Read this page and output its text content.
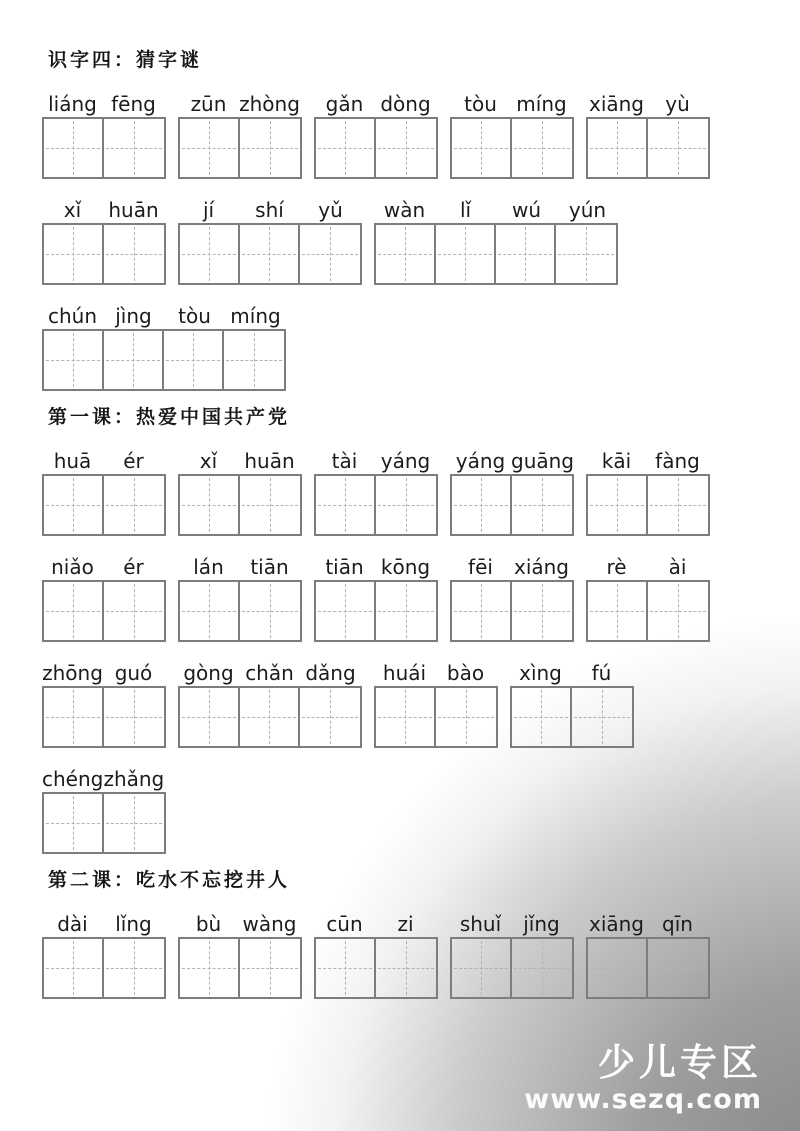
识字四：猜字谜
liáng fēng	zūn zhòng	gǎn dòng	tòu míng xiāng	yù
xǐ	huān	jí	shí	yǔ	wàn	lǐ	wú	yún
chún jìng	tòu míng
第一课：热爱中国共产党
huā	ér	xǐ	huān	tài	yáng yáng guāng	kāi	fàng
niǎo	ér	lán	tiān	tiān kōng	fēi	xiáng	rè	ài
zhōng guó	gòng chǎn dǎng	huái	bào	xìng	fú
chéng zhǎng
第二课：吃水不忘挖井人
dài	lǐng	bù	wàng	cūn	zi	shuǐ	jǐng	xiāng qīn
少儿专区
www.sezq.com
